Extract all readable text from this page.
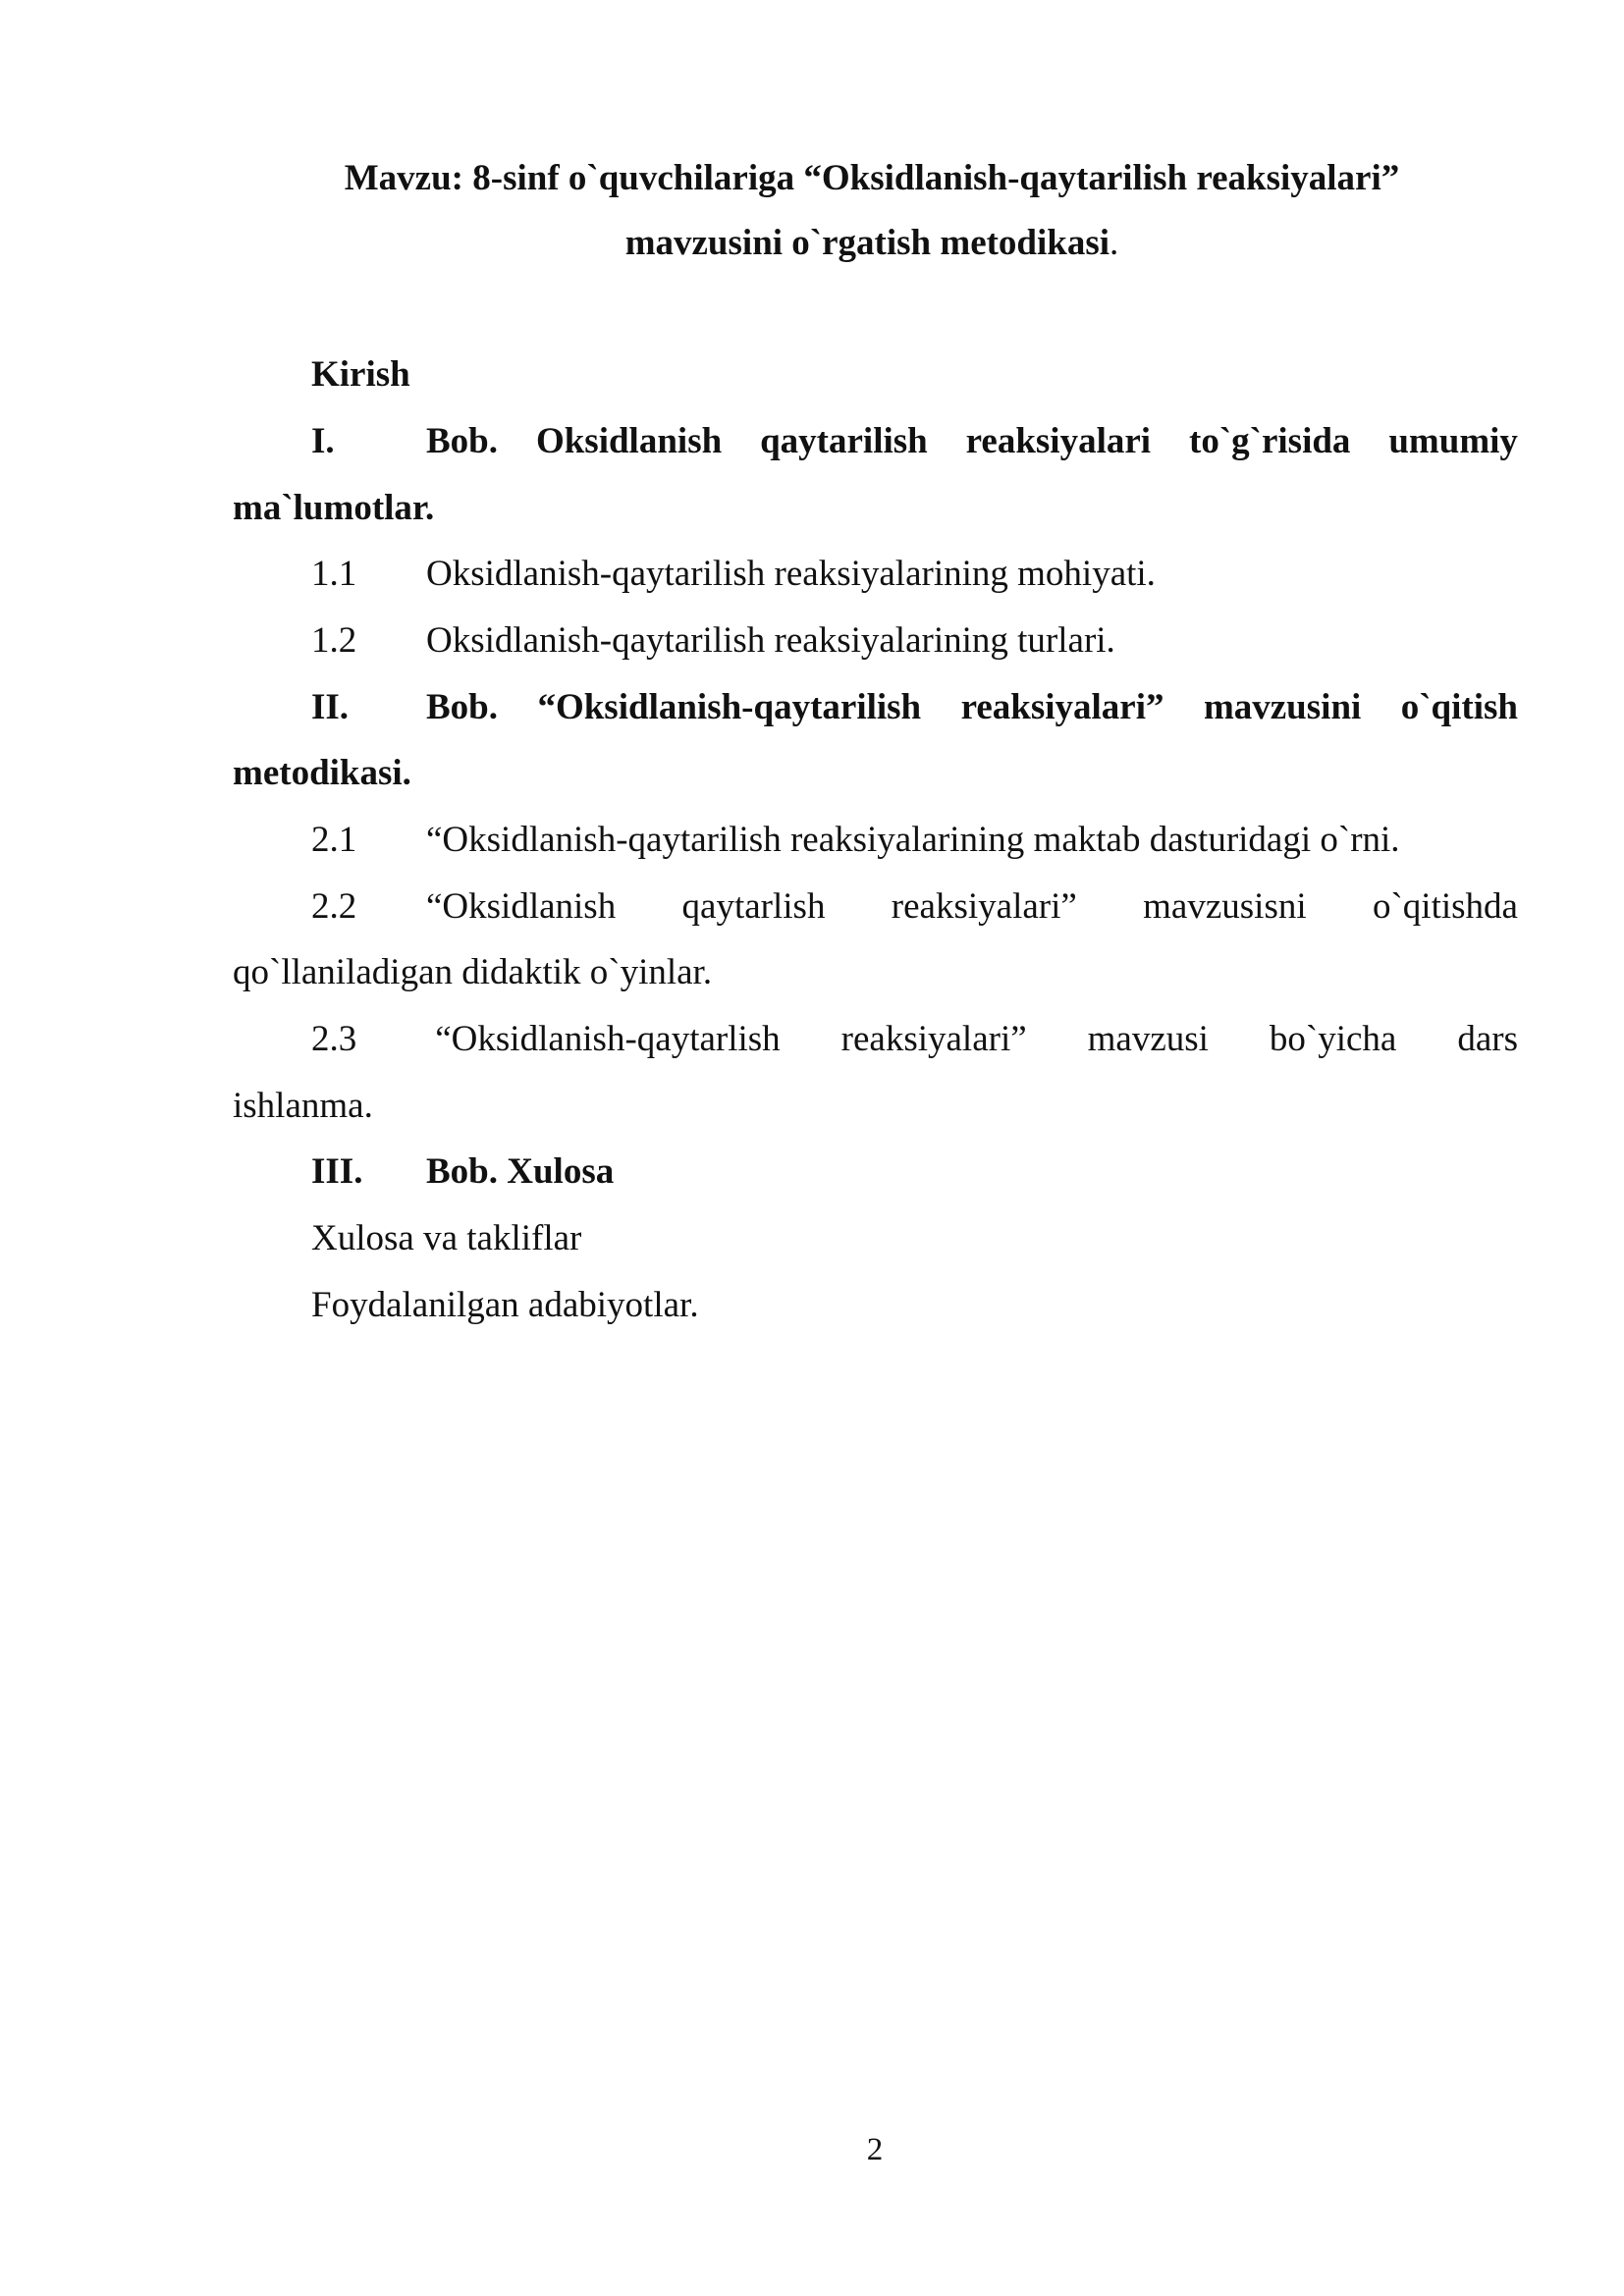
Mavzu: 8-sinf o`quvchilariga “Oksidlanish-qaytarilish reaksiyalari”
mavzusini o`rgatish metodikasi.
Kirish
I.	Bob. Oksidlanish qaytarilish reaksiyalari to`g`risida umumiy
ma`lumotlar.
1.1 Oksidlanish-qaytarilish reaksiyalarining mohiyati.
1.2 Oksidlanish-qaytarilish reaksiyalarining turlari.
II. Bob. “Oksidlanish-qaytarilish reaksiyalari” mavzusini o`qitish
metodikasi.
2.1 “Oksidlanish-qaytarilish reaksiyalarining maktab dasturidagi o`rni.
2.2 “Oksidlanish qaytarlish reaksiyalari” mavzusisni o`qitishda
qo`llaniladigan didaktik o`yinlar.
2.3 “Oksidlanish-qaytarlish reaksiyalari” mavzusi bo`yicha dars
ishlanma.
III. Bob. Xulosa
Xulosa va takliflar
Foydalanilgan adabiyotlar.
2
